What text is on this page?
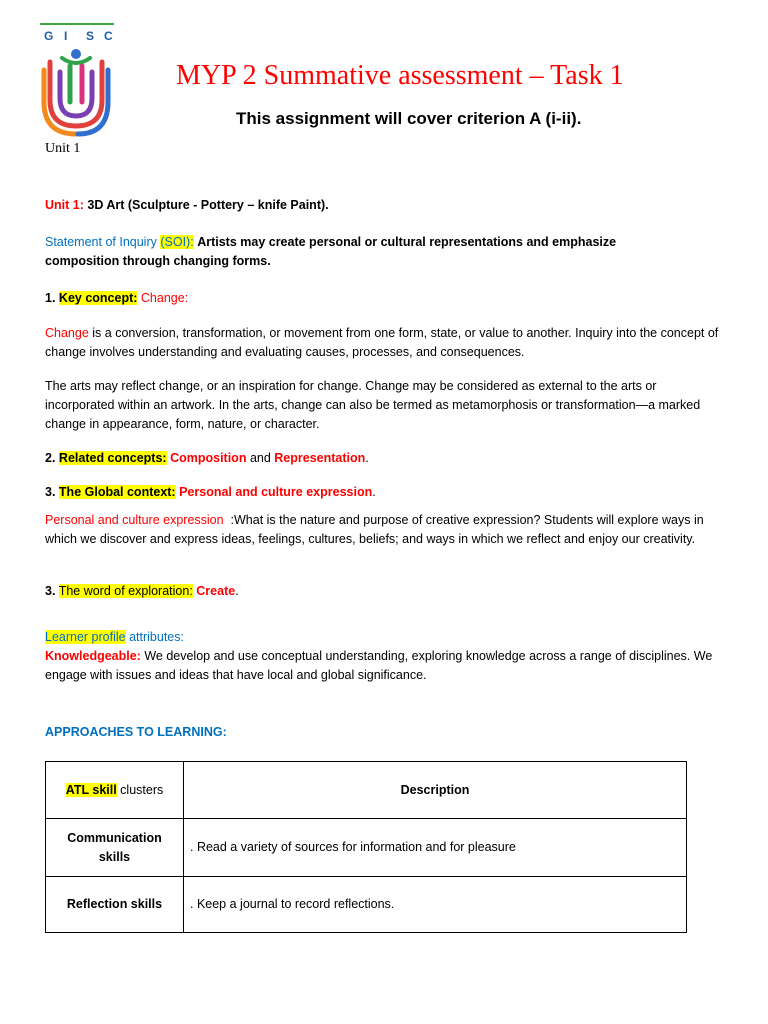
G I S C
MYP 2 Summative assessment – Task 1
This assignment will cover criterion A (i-ii).
Unit 1
Unit 1: 3D Art (Sculpture - Pottery – knife Paint).
Statement of Inquiry (SOI): Artists may create personal or cultural representations and emphasize composition through changing forms.
1. Key concept: Change:
Change is a conversion, transformation, or movement from one form, state, or value to another. Inquiry into the concept of change involves understanding and evaluating causes, processes, and consequences.
The arts may reflect change, or an inspiration for change. Change may be considered as external to the arts or incorporated within an artwork. In the arts, change can also be termed as metamorphosis or transformation—a marked change in appearance, form, nature, or character.
2. Related concepts: Composition and Representation.
3. The Global context: Personal and culture expression.
Personal and culture expression  :What is the nature and purpose of creative expression? Students will explore ways in which we discover and express ideas, feelings, cultures, beliefs; and ways in which we reflect and enjoy our creativity.
3. The word of exploration: Create.
Learner profile attributes:
Knowledgeable: We develop and use conceptual understanding, exploring knowledge across a range of disciplines. We engage with issues and ideas that have local and global significance.
APPROACHES TO LEARNING:
ATL skill clusters	Description
Communication skills	. Read a variety of sources for information and for pleasure
Reflection skills	. Keep a journal to record reflections.
